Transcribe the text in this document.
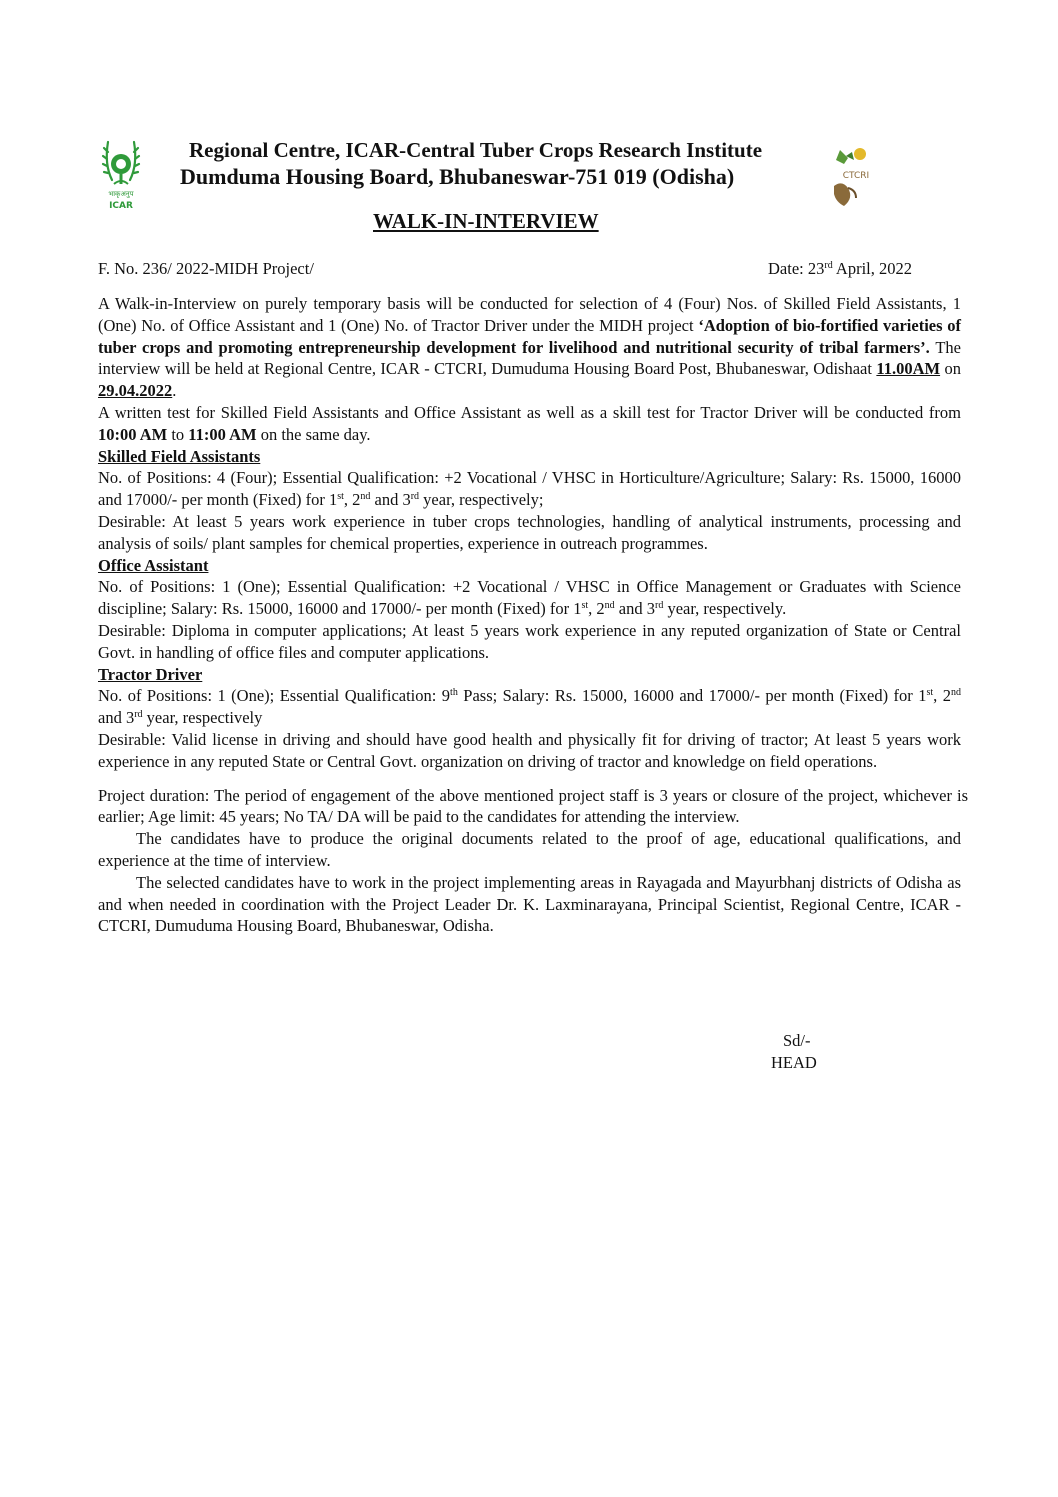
भाकृअनुप
ICAR
CTCRI
Regional Centre, ICAR-Central Tuber Crops Research Institute
Dumduma Housing Board, Bhubaneswar-751 019 (Odisha)
WALK-IN-INTERVIEW
F. No. 236/ 2022-MIDH Project/	Date: 23rd April, 2022

A Walk-in-Interview on purely temporary basis will be conducted for selection of 4 (Four) Nos. of Skilled Field Assistants, 1 (One) No. of Office Assistant and 1 (One) No. of Tractor Driver under the MIDH project ‘Adoption of bio-fortified varieties of tuber crops and promoting entrepreneurship development for livelihood and nutritional security of tribal farmers’. The interview will be held at Regional Centre, ICAR - CTCRI, Dumuduma Housing Board Post, Bhubaneswar, Odishaat 11.00AM on 29.04.2022.

A written test for Skilled Field Assistants and Office Assistant as well as a skill test for Tractor Driver will be conducted from 10:00 AM to 11:00 AM on the same day.

Skilled Field Assistants

No. of Positions: 4 (Four); Essential Qualification: +2 Vocational / VHSC in Horticulture/Agriculture; Salary: Rs. 15000, 16000 and 17000/- per month (Fixed) for 1st, 2nd and 3rd year, respectively;

Desirable: At least 5 years work experience in tuber crops technologies, handling of analytical instruments, processing and analysis of soils/ plant samples for chemical properties, experience in outreach programmes.

Office Assistant

No. of Positions: 1 (One); Essential Qualification: +2 Vocational / VHSC in Office Management or Graduates with Science discipline; Salary: Rs. 15000, 16000 and 17000/- per month (Fixed) for 1st, 2nd and 3rd year, respectively.

Desirable: Diploma in computer applications; At least 5 years work experience in any reputed organization of State or Central Govt. in handling of office files and computer applications.

Tractor Driver

No. of Positions: 1 (One); Essential Qualification: 9th Pass; Salary: Rs. 15000, 16000 and 17000/- per month (Fixed) for 1st, 2nd and 3rd year, respectively

Desirable: Valid license in driving and should have good health and physically fit for driving of tractor; At least 5 years work experience in any reputed State or Central Govt. organization on driving of tractor and knowledge on field operations.

Project duration: The period of engagement of the above mentioned project staff is 3 years or closure of the project, whichever is earlier; Age limit: 45 years; No TA/ DA will be paid to the candidates for attending the interview.

The candidates have to produce the original documents related to the proof of age, educational qualifications, and experience at the time of interview.

The selected candidates have to work in the project implementing areas in Rayagada and Mayurbhanj districts of Odisha as and when needed in coordination with the Project Leader Dr. K. Laxminarayana, Principal Scientist, Regional Centre, ICAR - CTCRI, Dumuduma Housing Board, Bhubaneswar, Odisha.

Sd/-
HEAD
